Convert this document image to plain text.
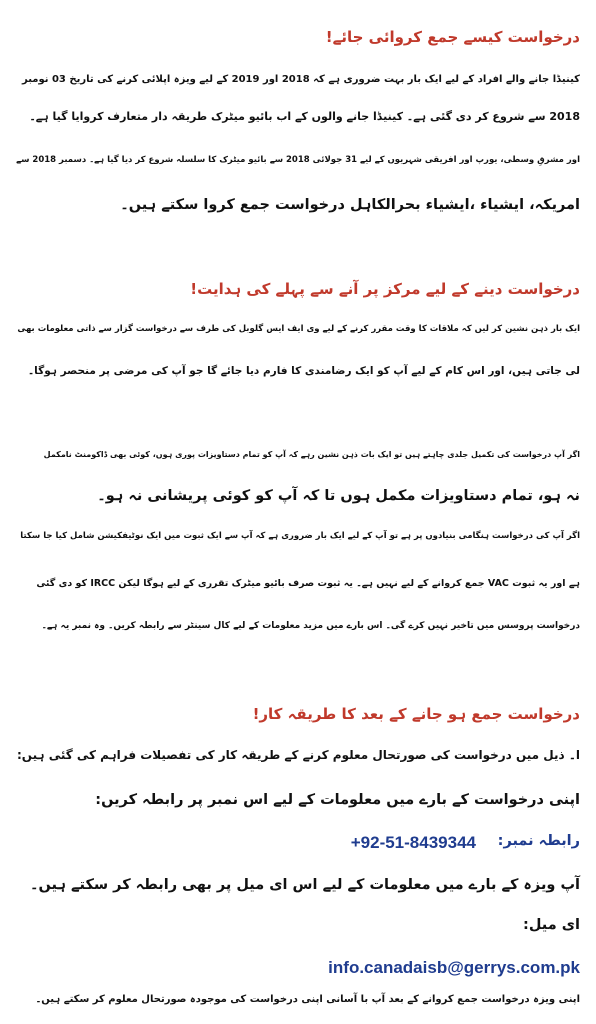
درخواست کیسے جمع کروائی جائے!

کینیڈا جانے والے افراد کے لیے ایک بار بہت ضروری ہے کہ 2018 اور 2019 کے لیے ویزہ اپلائی کرنے کی تاریخ 03 نومبر

2018 سے شروع کر دی گئی ہے۔ کینیڈا جانے والوں کے اب بائیو میٹرک طریقہ دار متعارف کروایا گیا ہے۔

اور مشرقِ وسطی، یورپ اور افریقی شہریوں کے لیے 31 جولائی 2018 سے بائیو میٹرک کا سلسلہ شروع کر دیا گیا ہے۔ دسمبر 2018 سے

امریکہ، ایشیاء ،ایشیاء بحرالکاہل درخواست جمع کروا سکتے ہیں۔

درخواست دینے کے لیے مرکز پر آنے سے پہلے کی ہدایت!

ایک بار ذہن نشین کر لیں کہ ملاقات کا وقت مقرر کرنے کے لیے وی ایف ایس گلوبل کی طرف سے درخواست گزار سے ذاتی معلومات بھی

لی جاتی ہیں، اور اس کام کے لیے آپ کو ایک رضامندی کا فارم دیا جائے گا جو آپ کی مرضی پر منحصر ہوگا۔

اگر آپ درخواست کی تکمیل جلدی چاہتے ہیں تو ایک بات ذہن نشین رہے کہ آپ کو تمام دستاویزات پوری ہوں، کوئی بھی ڈاکومنٹ نامکمل

نہ ہو، تمام دستاویزات مکمل ہوں تا کہ آپ کو کوئی پریشانی نہ ہو۔

اگر آپ کی درخواست ہنگامی بنیادوں پر ہے تو آپ کے لیے ایک بار ضروری ہے کہ آپ سے ایک ثبوت میں ایک نوٹیفکیشن شامل کیا جا سکتا

ہے اور یہ ثبوت VAC جمع کروانے کے لیے نہیں ہے۔ یہ ثبوت صرف بائیو میٹرک تقرری کے لیے ہوگا لیکن IRCC کو دی گئی

درخواست پروسس میں تاخیر نہیں کرے گی۔ اس بارے میں مزید معلومات کے لیے کال سینٹر سے رابطہ کریں۔ وہ نمبر یہ ہے۔

درخواست جمع ہو جانے کے بعد کا طریقہ کار!

ا۔ ذیل میں درخواست کی صورتحال معلوم کرنے کے طریقہ کار کی تفصیلات فراہم کی گئی ہیں:

اپنی درخواست کے بارے میں معلومات کے لیے اس نمبر پر رابطہ کریں:

رابطہ نمبر:
+92-51-8439344

آپ ویزہ کے بارے میں معلومات کے لیے اس ای میل پر بھی رابطہ کر سکتے ہیں۔

ای میل:

info.canadaisb@gerrys.com.pk

اپنی ویزہ درخواست جمع کروانے کے بعد آپ با آسانی اپنی درخواست کی موجودہ صورتحال معلوم کر سکتے ہیں۔
